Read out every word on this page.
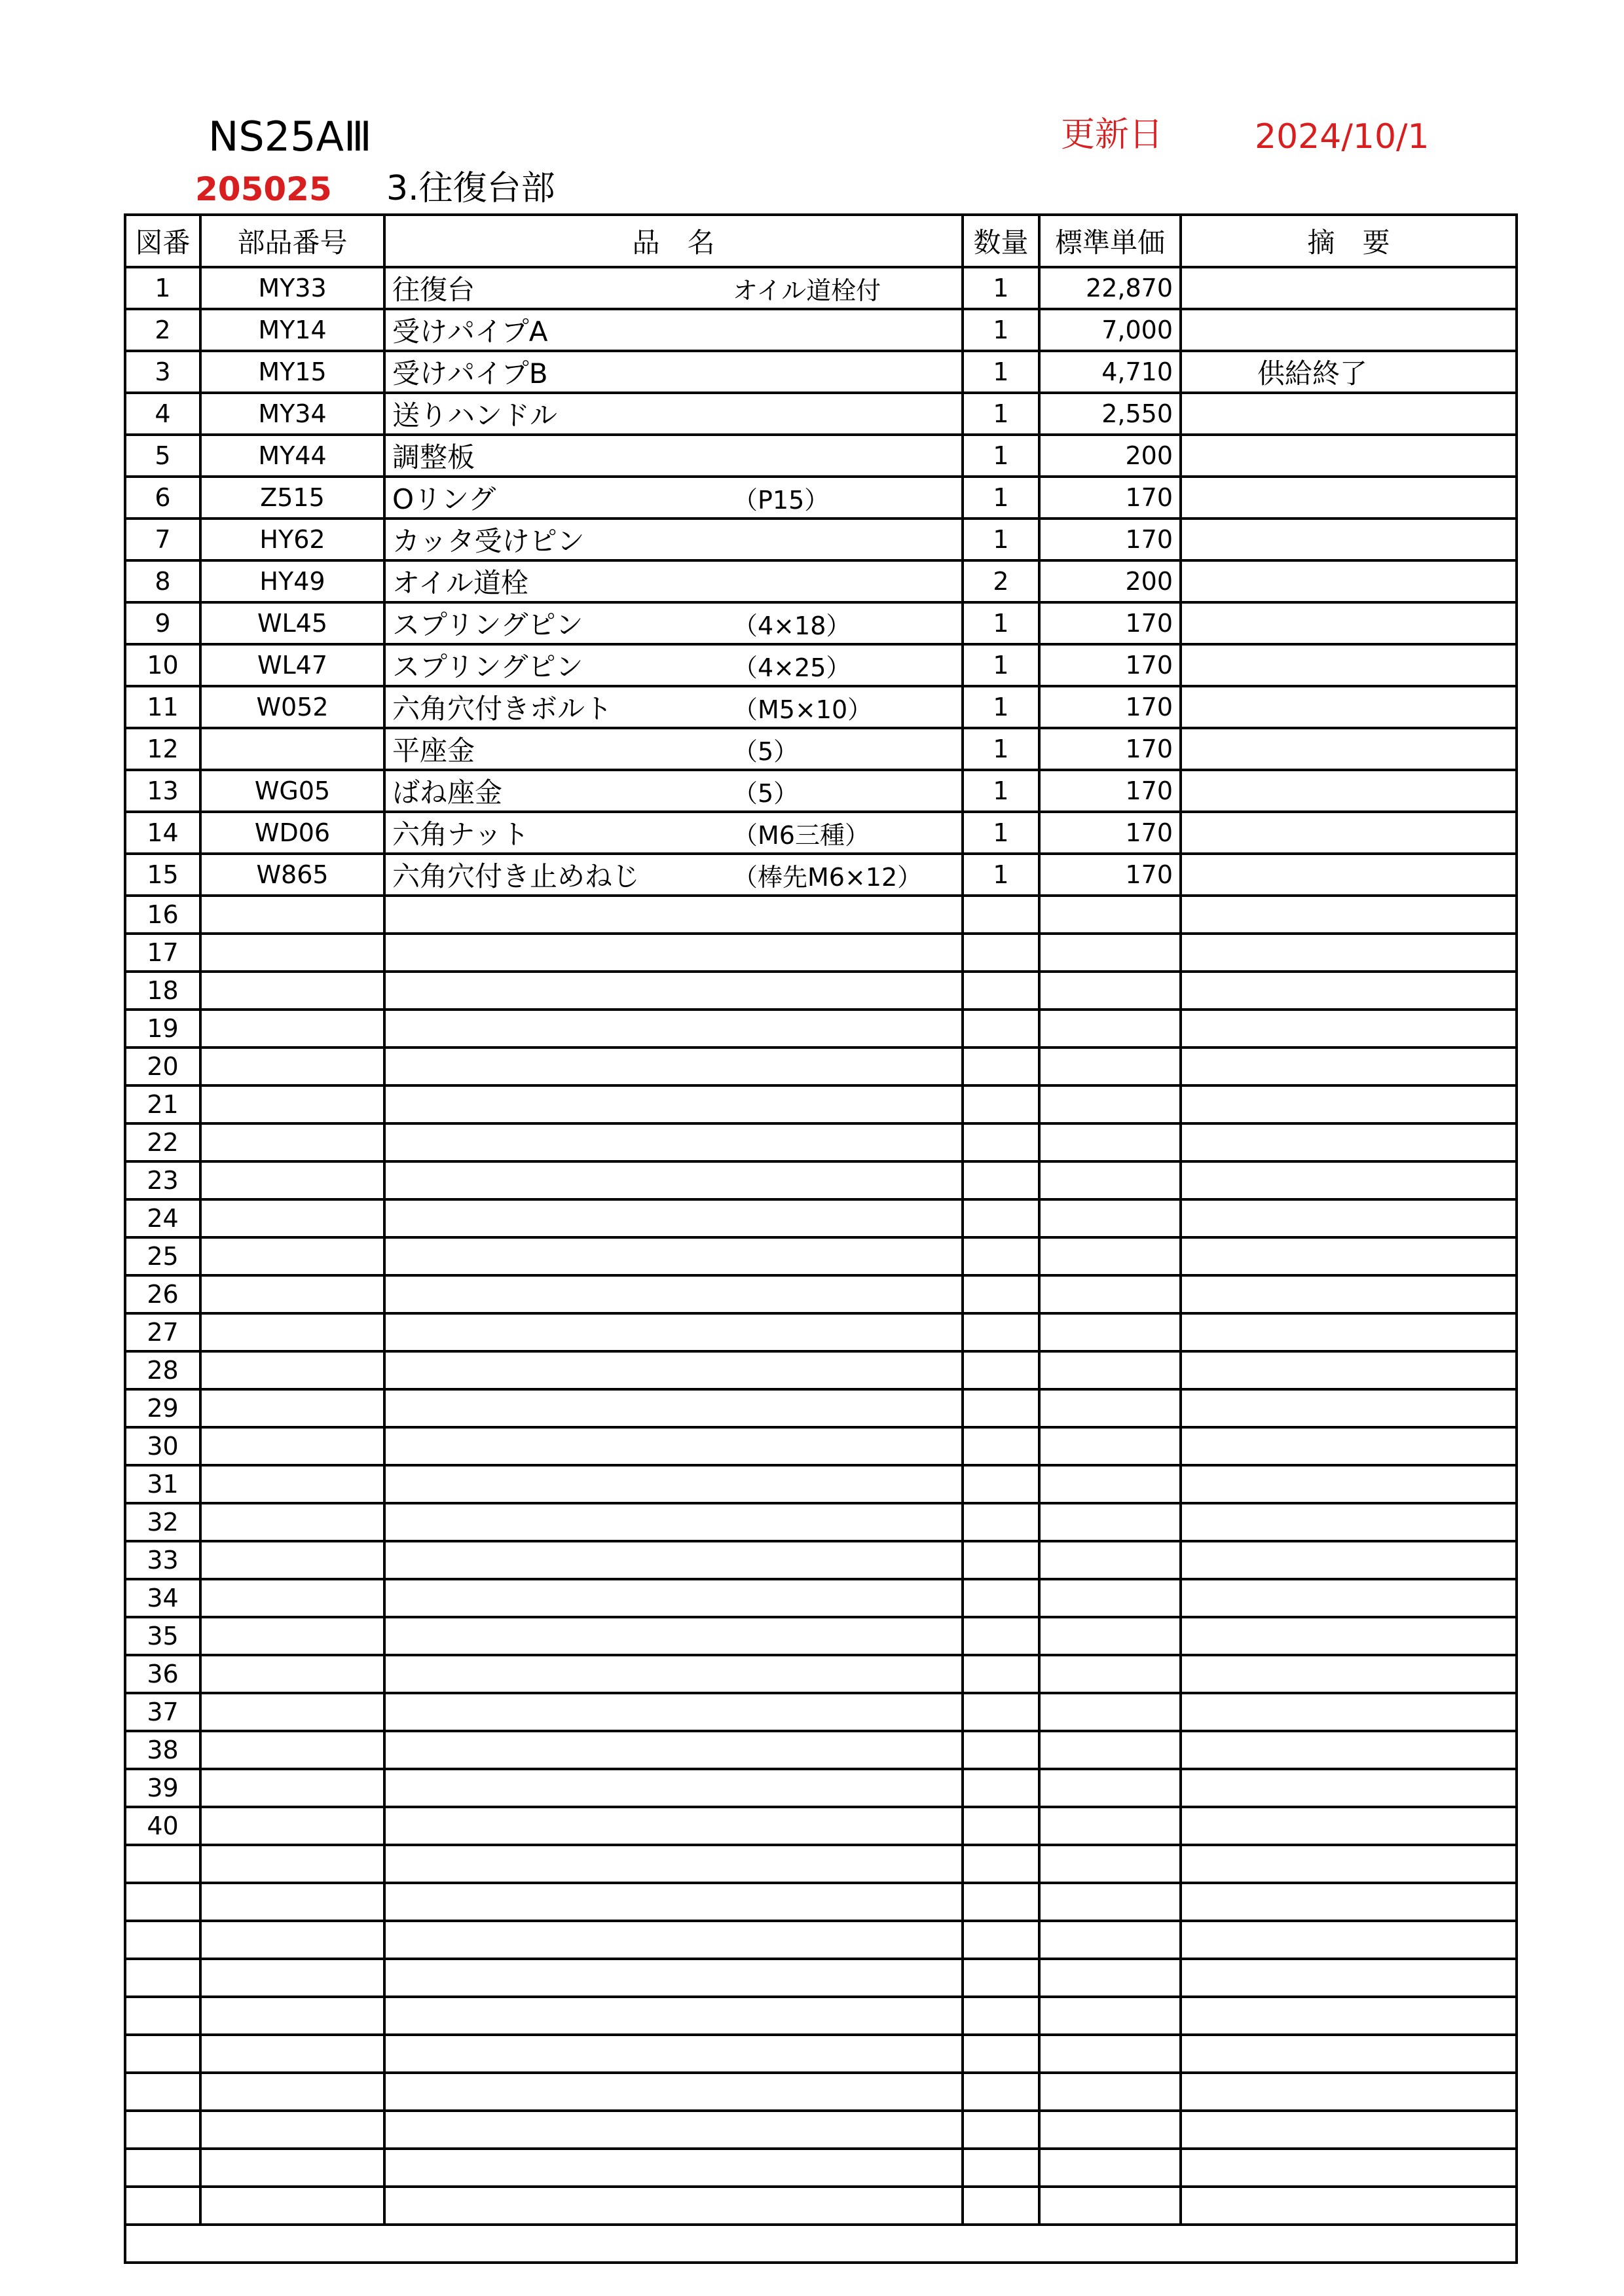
NS25AⅢ	更新日	2024/10/1
205025 3.往復台部
図番	部品番号	品　名	数量	標準単価	摘　要
1	MY33	往復台 オイル道栓付	1	22,870	
2	MY14	受けパイプA	1	7,000	
3	MY15	受けパイプB	1	4,710	供給終了
4	MY34	送りハンドル	1	2,550	
5	MY44	調整板	1	200	
6	Z515	Oリング （P15）	1	170	
7	HY62	カッタ受けピン	1	170	
8	HY49	オイル道栓	2	200	
9	WL45	スプリングピン （4×18）	1	170	
10	WL47	スプリングピン （4×25）	1	170	
11	W052	六角穴付きボルト （M5×10）	1	170	
12		平座金 （5）	1	170	
13	WG05	ばね座金 （5）	1	170	
14	WD06	六角ナット （M6三種）	1	170	
15	W865	六角穴付き止めねじ （棒先M6×12）	1	170	
16					
17					
18					
19					
20					
21					
22					
23					
24					
25					
26					
27					
28					
29					
30					
31					
32					
33					
34					
35					
36					
37					
38					
39					
40					
